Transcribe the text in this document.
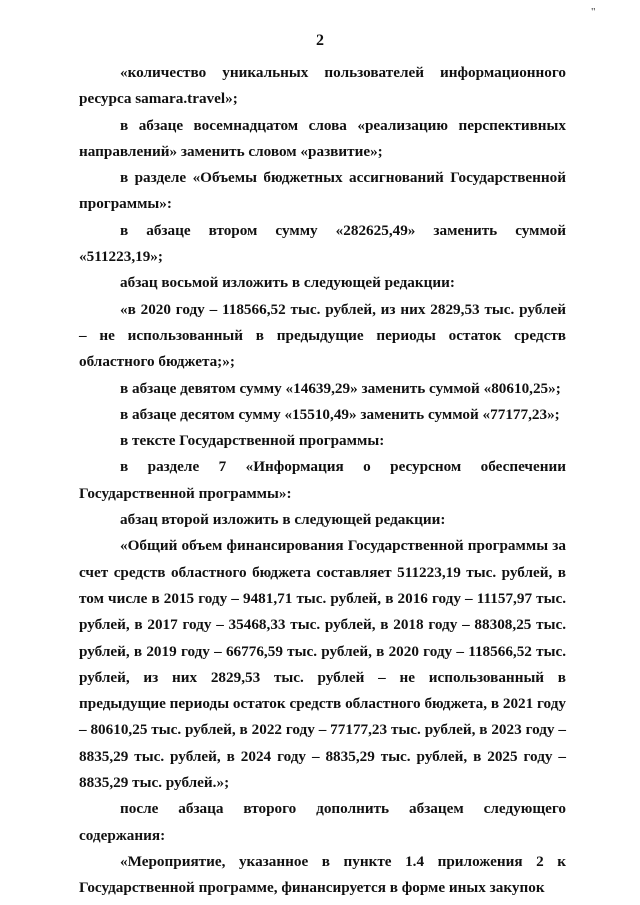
"
2

«количество уникальных пользователей информационного ресурса samara.travel»;

в абзаце восемнадцатом слова «реализацию перспективных направлений» заменить словом «развитие»;

в разделе «Объемы бюджетных ассигнований Государственной программы»:

в абзаце втором сумму «282625,49» заменить суммой «511223,19»;

абзац восьмой изложить в следующей редакции:

«в 2020 году – 118566,52 тыс. рублей, из них 2829,53 тыс. рублей – не использованный в предыдущие периоды остаток средств областного бюджета;»;

в абзаце девятом сумму «14639,29» заменить суммой «80610,25»;

в абзаце десятом сумму «15510,49» заменить суммой «77177,23»;

в тексте Государственной программы:

в разделе 7 «Информация о ресурсном обеспечении Государственной программы»:

абзац второй изложить в следующей редакции:

«Общий объем финансирования Государственной программы за счет средств областного бюджета составляет 511223,19 тыс. рублей, в том числе в 2015 году – 9481,71 тыс. рублей, в 2016 году – 11157,97 тыс. рублей, в 2017 году – 35468,33 тыс. рублей, в 2018 году – 88308,25 тыс. рублей, в 2019 году – 66776,59 тыс. рублей, в 2020 году – 118566,52 тыс. рублей, из них 2829,53 тыс. рублей – не использованный в предыдущие периоды остаток средств областного бюджета, в 2021 году – 80610,25 тыс. рублей, в 2022 году – 77177,23 тыс. рублей, в 2023 году – 8835,29 тыс. рублей, в 2024 году – 8835,29 тыс. рублей, в 2025 году – 8835,29 тыс. рублей.»;

после абзаца второго дополнить абзацем следующего содержания:

«Мероприятие, указанное в пункте 1.4 приложения 2 к Государственной программе, финансируется в форме иных закупок
